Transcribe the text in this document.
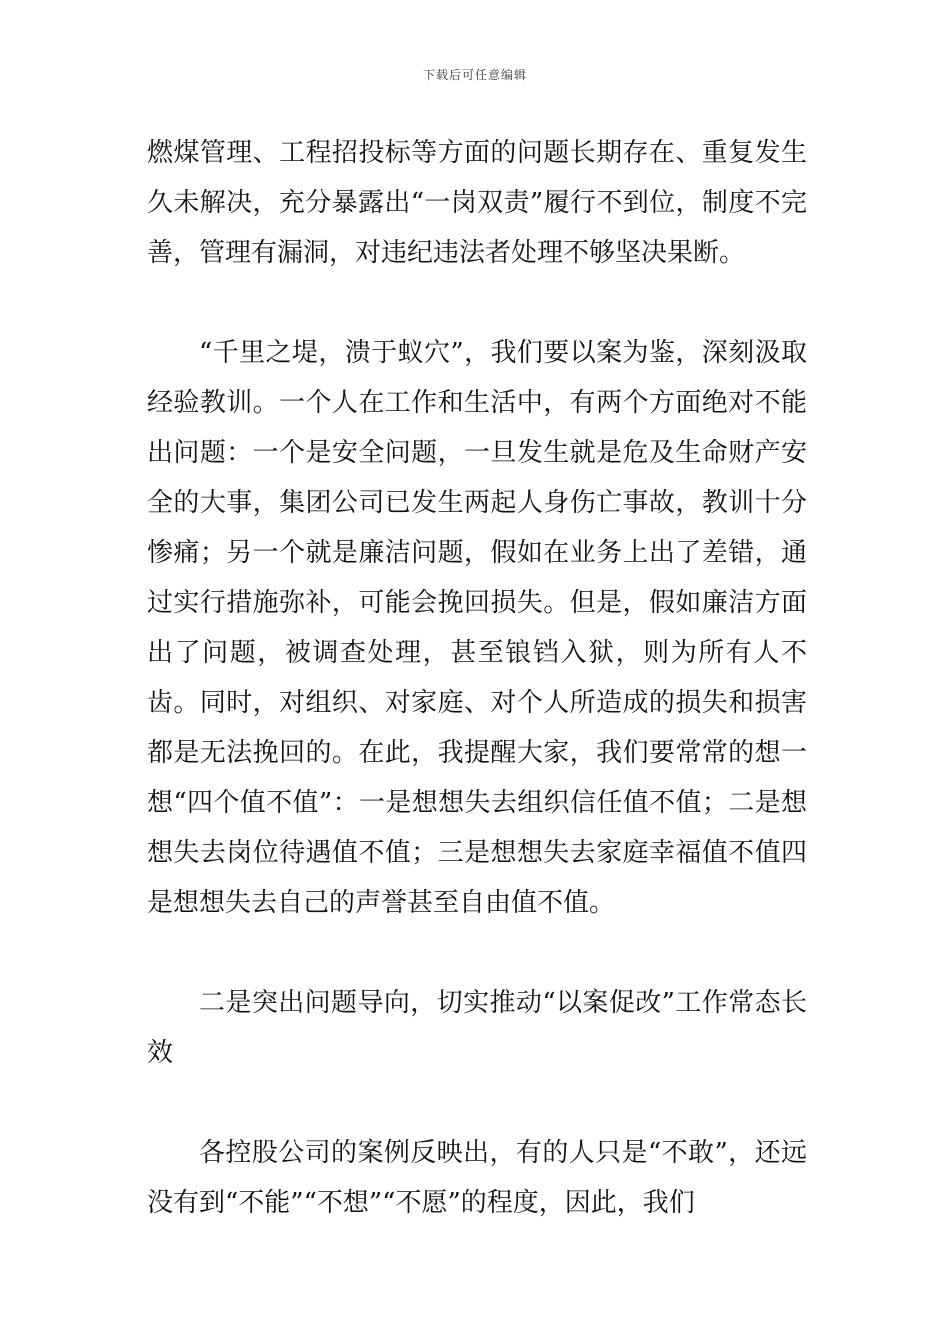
下载后可任意编辑

燃煤管理、工程招投标等方面的问题长期存在、重复发生久未解决，充分暴露出“一岗双责”履行不到位，制度不完善，管理有漏洞，对违纪违法者处理不够坚决果断。

“千里之堤，溃于蚁穴”，我们要以案为鉴，深刻汲取经验教训。一个人在工作和生活中，有两个方面绝对不能出问题：一个是安全问题，一旦发生就是危及生命财产安全的大事，集团公司已发生两起人身伤亡事故，教训十分惨痛；另一个就是廉洁问题，假如在业务上出了差错，通过实行措施弥补，可能会挽回损失。但是，假如廉洁方面出了问题，被调查处理，甚至锒铛入狱，则为所有人不齿。同时，对组织、对家庭、对个人所造成的损失和损害都是无法挽回的。在此，我提醒大家，我们要常常的想一想“四个值不值”：一是想想失去组织信任值不值；二是想想失去岗位待遇值不值；三是想想失去家庭幸福值不值四是想想失去自己的声誉甚至自由值不值。

二是突出问题导向，切实推动“以案促改”工作常态长效

各控股公司的案例反映出，有的人只是“不敢”，还远没有到“不能”“不想”“不愿”的程度，因此，我们
